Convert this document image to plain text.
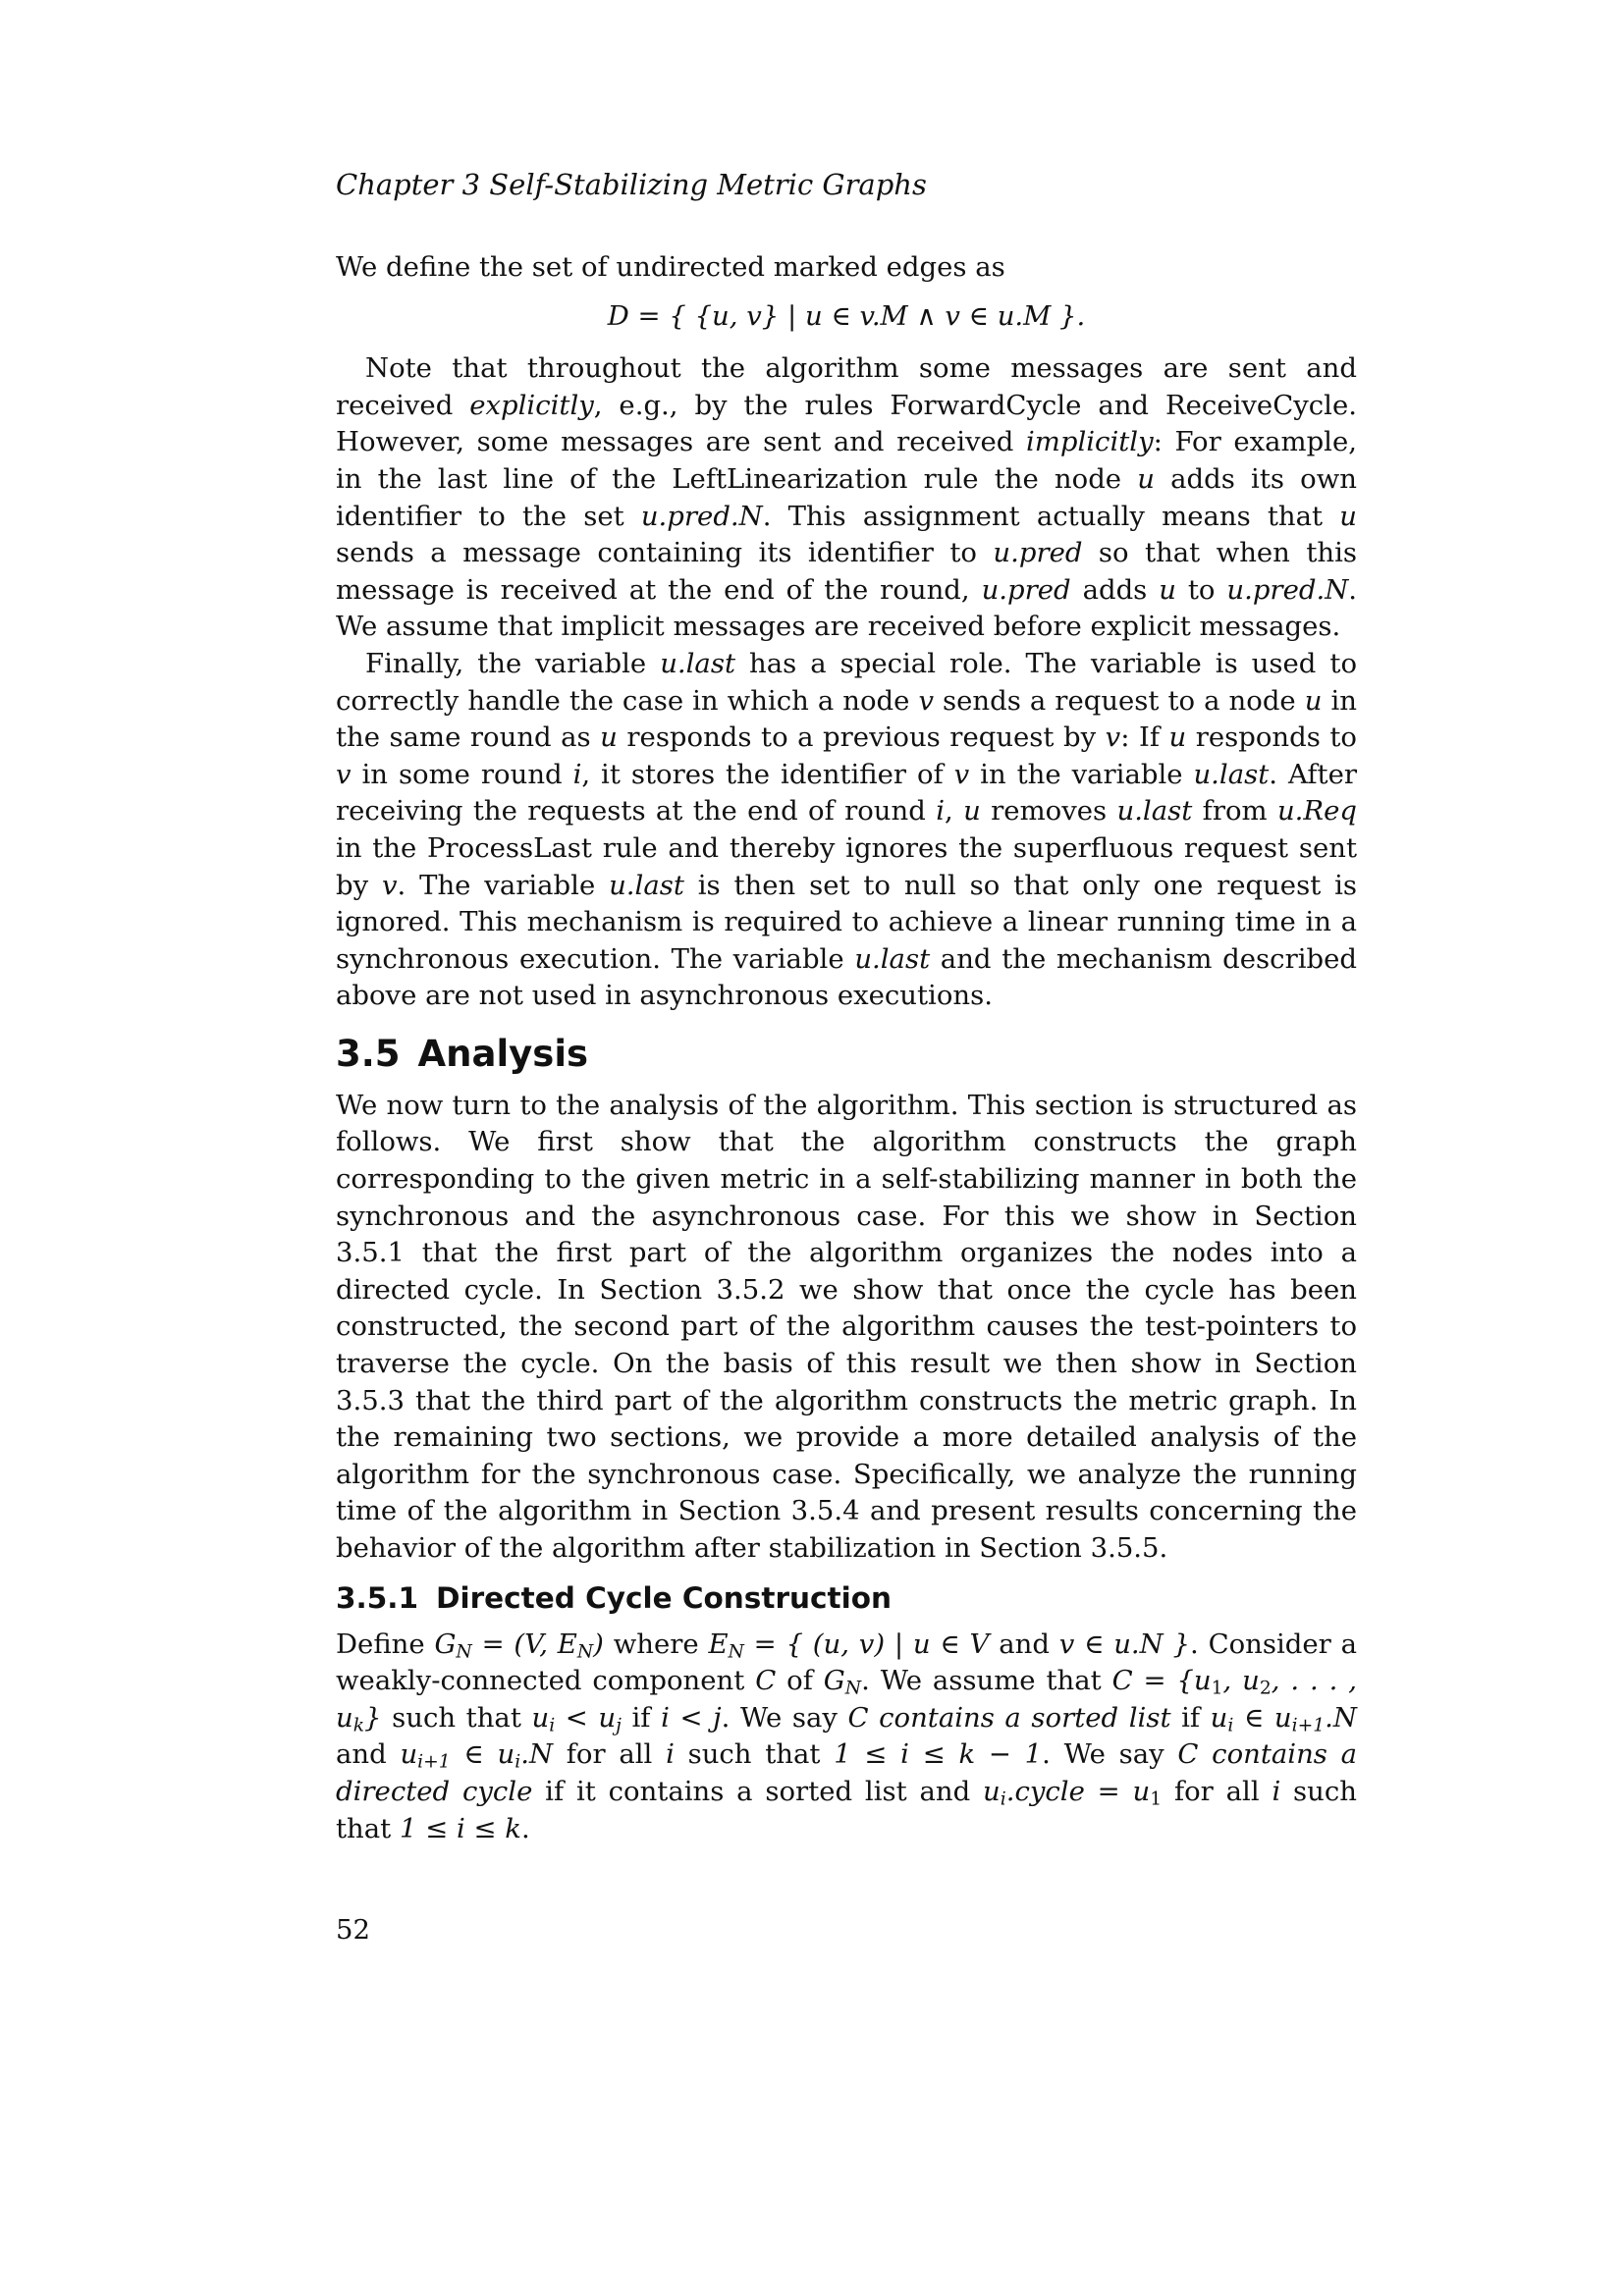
Chapter 3 Self-Stabilizing Metric Graphs

We define the set of undirected marked edges as

D = { {u, v} | u ∈ v.M ∧ v ∈ u.M }.

Note that throughout the algorithm some messages are sent and received explicitly, e.g., by the rules ForwardCycle and ReceiveCycle. However, some messages are sent and received implicitly: For example, in the last line of the LeftLinearization rule the node u adds its own identifier to the set u.pred.N. This assignment actually means that u sends a message containing its identifier to u.pred so that when this message is received at the end of the round, u.pred adds u to u.pred.N. We assume that implicit messages are received before explicit messages.

Finally, the variable u.last has a special role. The variable is used to correctly handle the case in which a node v sends a request to a node u in the same round as u responds to a previous request by v: If u responds to v in some round i, it stores the identifier of v in the variable u.last. After receiving the requests at the end of round i, u removes u.last from u.Req in the ProcessLast rule and thereby ignores the superfluous request sent by v. The variable u.last is then set to null so that only one request is ignored. This mechanism is required to achieve a linear running time in a synchronous execution. The variable u.last and the mechanism described above are not used in asynchronous executions.

3.5 Analysis

We now turn to the analysis of the algorithm. This section is structured as follows. We first show that the algorithm constructs the graph corresponding to the given metric in a self-stabilizing manner in both the synchronous and the asynchronous case. For this we show in Section 3.5.1 that the first part of the algorithm organizes the nodes into a directed cycle. In Section 3.5.2 we show that once the cycle has been constructed, the second part of the algorithm causes the test-pointers to traverse the cycle. On the basis of this result we then show in Section 3.5.3 that the third part of the algorithm constructs the metric graph. In the remaining two sections, we provide a more detailed analysis of the algorithm for the synchronous case. Specifically, we analyze the running time of the algorithm in Section 3.5.4 and present results concerning the behavior of the algorithm after stabilization in Section 3.5.5.

3.5.1 Directed Cycle Construction

Define $G_N = (V$, $E_N$) where $E_N$ = { (u, v) | u ∈ V and v ∈ u.N }. Consider a weakly-connected component C of $G_N$. We assume that $C = \{u_1$, $u_2$, . . . , $u_k$} such that $u_i < u_j$ if i < j. We say C contains a sorted list if $u_i$ ∈ $u_{i+1}.N$ and $u_{i+1}$ ∈ $u_i.N$ for all i such that 1 ≤ i ≤ k − 1. We say C contains a directed cycle if it contains a sorted list and $u_i.cycle = u_1$ for all i such that 1 ≤ i ≤ k.

52
